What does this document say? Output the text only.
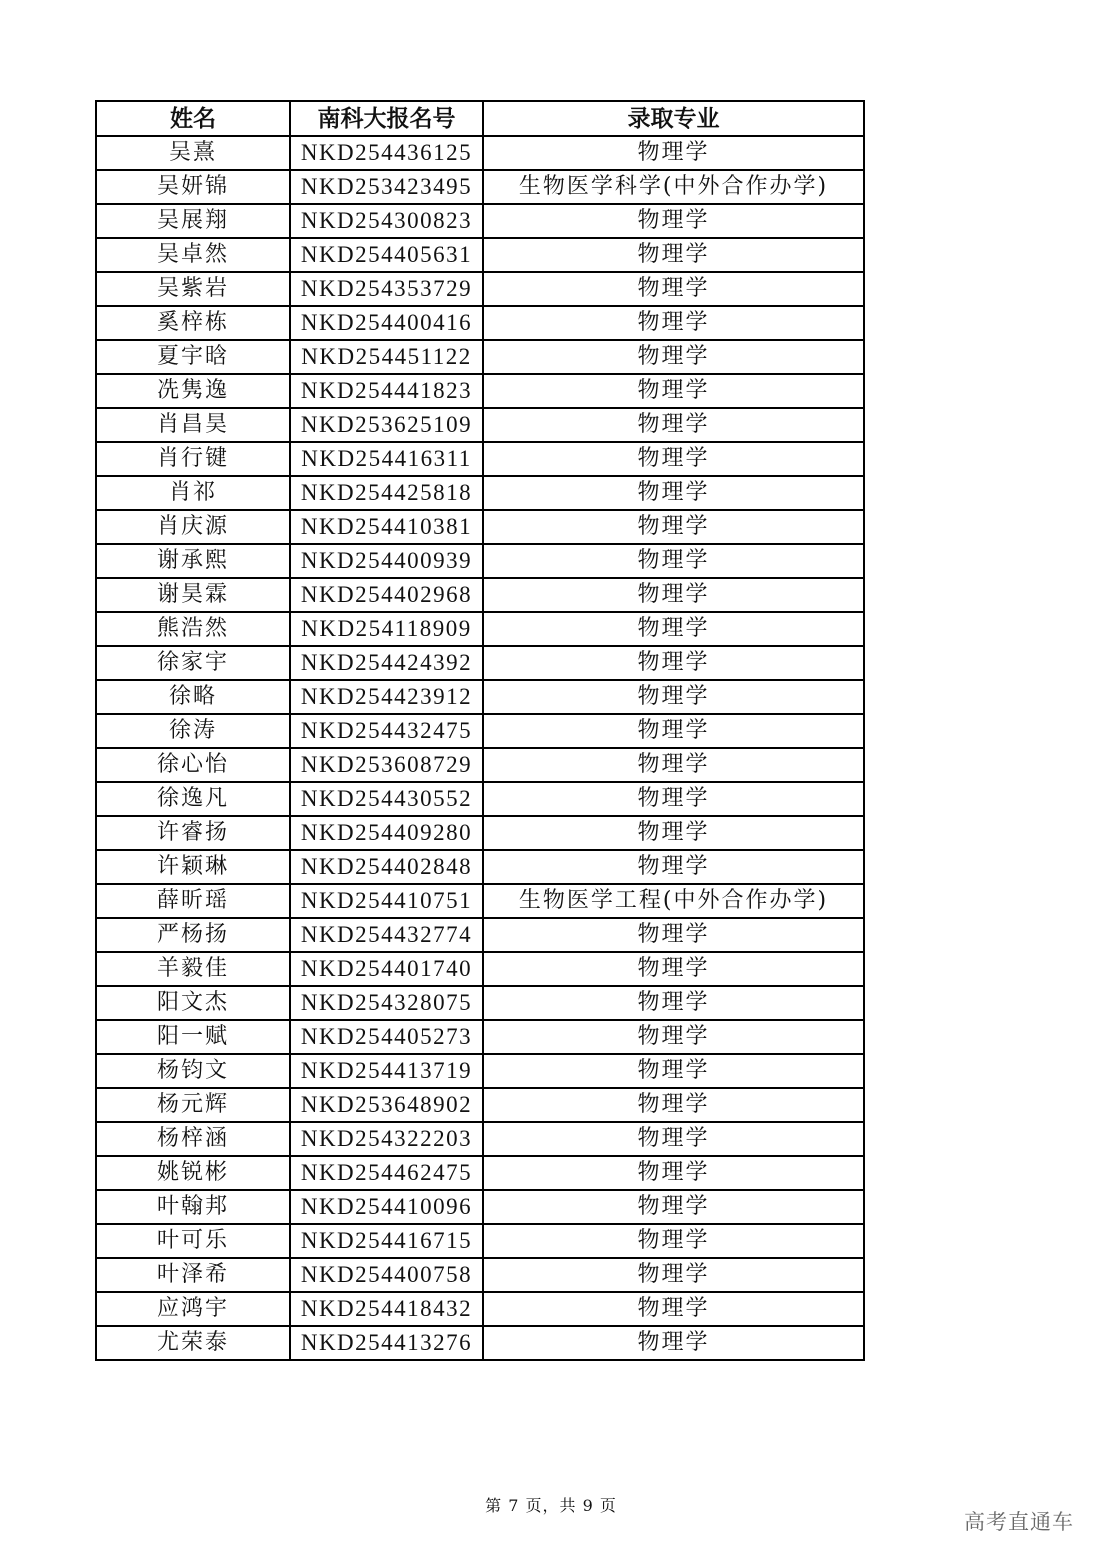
姓名	南科大报名号	录取专业
吴熹	NKD254436125	物理学
吴妍锦	NKD253423495	生物医学科学(中外合作办学)
吴展翔	NKD254300823	物理学
吴卓然	NKD254405631	物理学
吴紫岩	NKD254353729	物理学
奚梓栋	NKD254400416	物理学
夏宇晗	NKD254451122	物理学
冼隽逸	NKD254441823	物理学
肖昌昊	NKD253625109	物理学
肖行键	NKD254416311	物理学
肖祁	NKD254425818	物理学
肖庆源	NKD254410381	物理学
谢承熙	NKD254400939	物理学
谢昊霖	NKD254402968	物理学
熊浩然	NKD254118909	物理学
徐家宇	NKD254424392	物理学
徐略	NKD254423912	物理学
徐涛	NKD254432475	物理学
徐心怡	NKD253608729	物理学
徐逸凡	NKD254430552	物理学
许睿扬	NKD254409280	物理学
许颖琳	NKD254402848	物理学
薛昕瑶	NKD254410751	生物医学工程(中外合作办学)
严杨扬	NKD254432774	物理学
羊毅佳	NKD254401740	物理学
阳文杰	NKD254328075	物理学
阳一赋	NKD254405273	物理学
杨钧文	NKD254413719	物理学
杨元辉	NKD253648902	物理学
杨梓涵	NKD254322203	物理学
姚锐彬	NKD254462475	物理学
叶翰邦	NKD254410096	物理学
叶可乐	NKD254416715	物理学
叶泽希	NKD254400758	物理学
应鸿宇	NKD254418432	物理学
尤荣泰	NKD254413276	物理学
第 7 页，共 9 页
高考直通车
